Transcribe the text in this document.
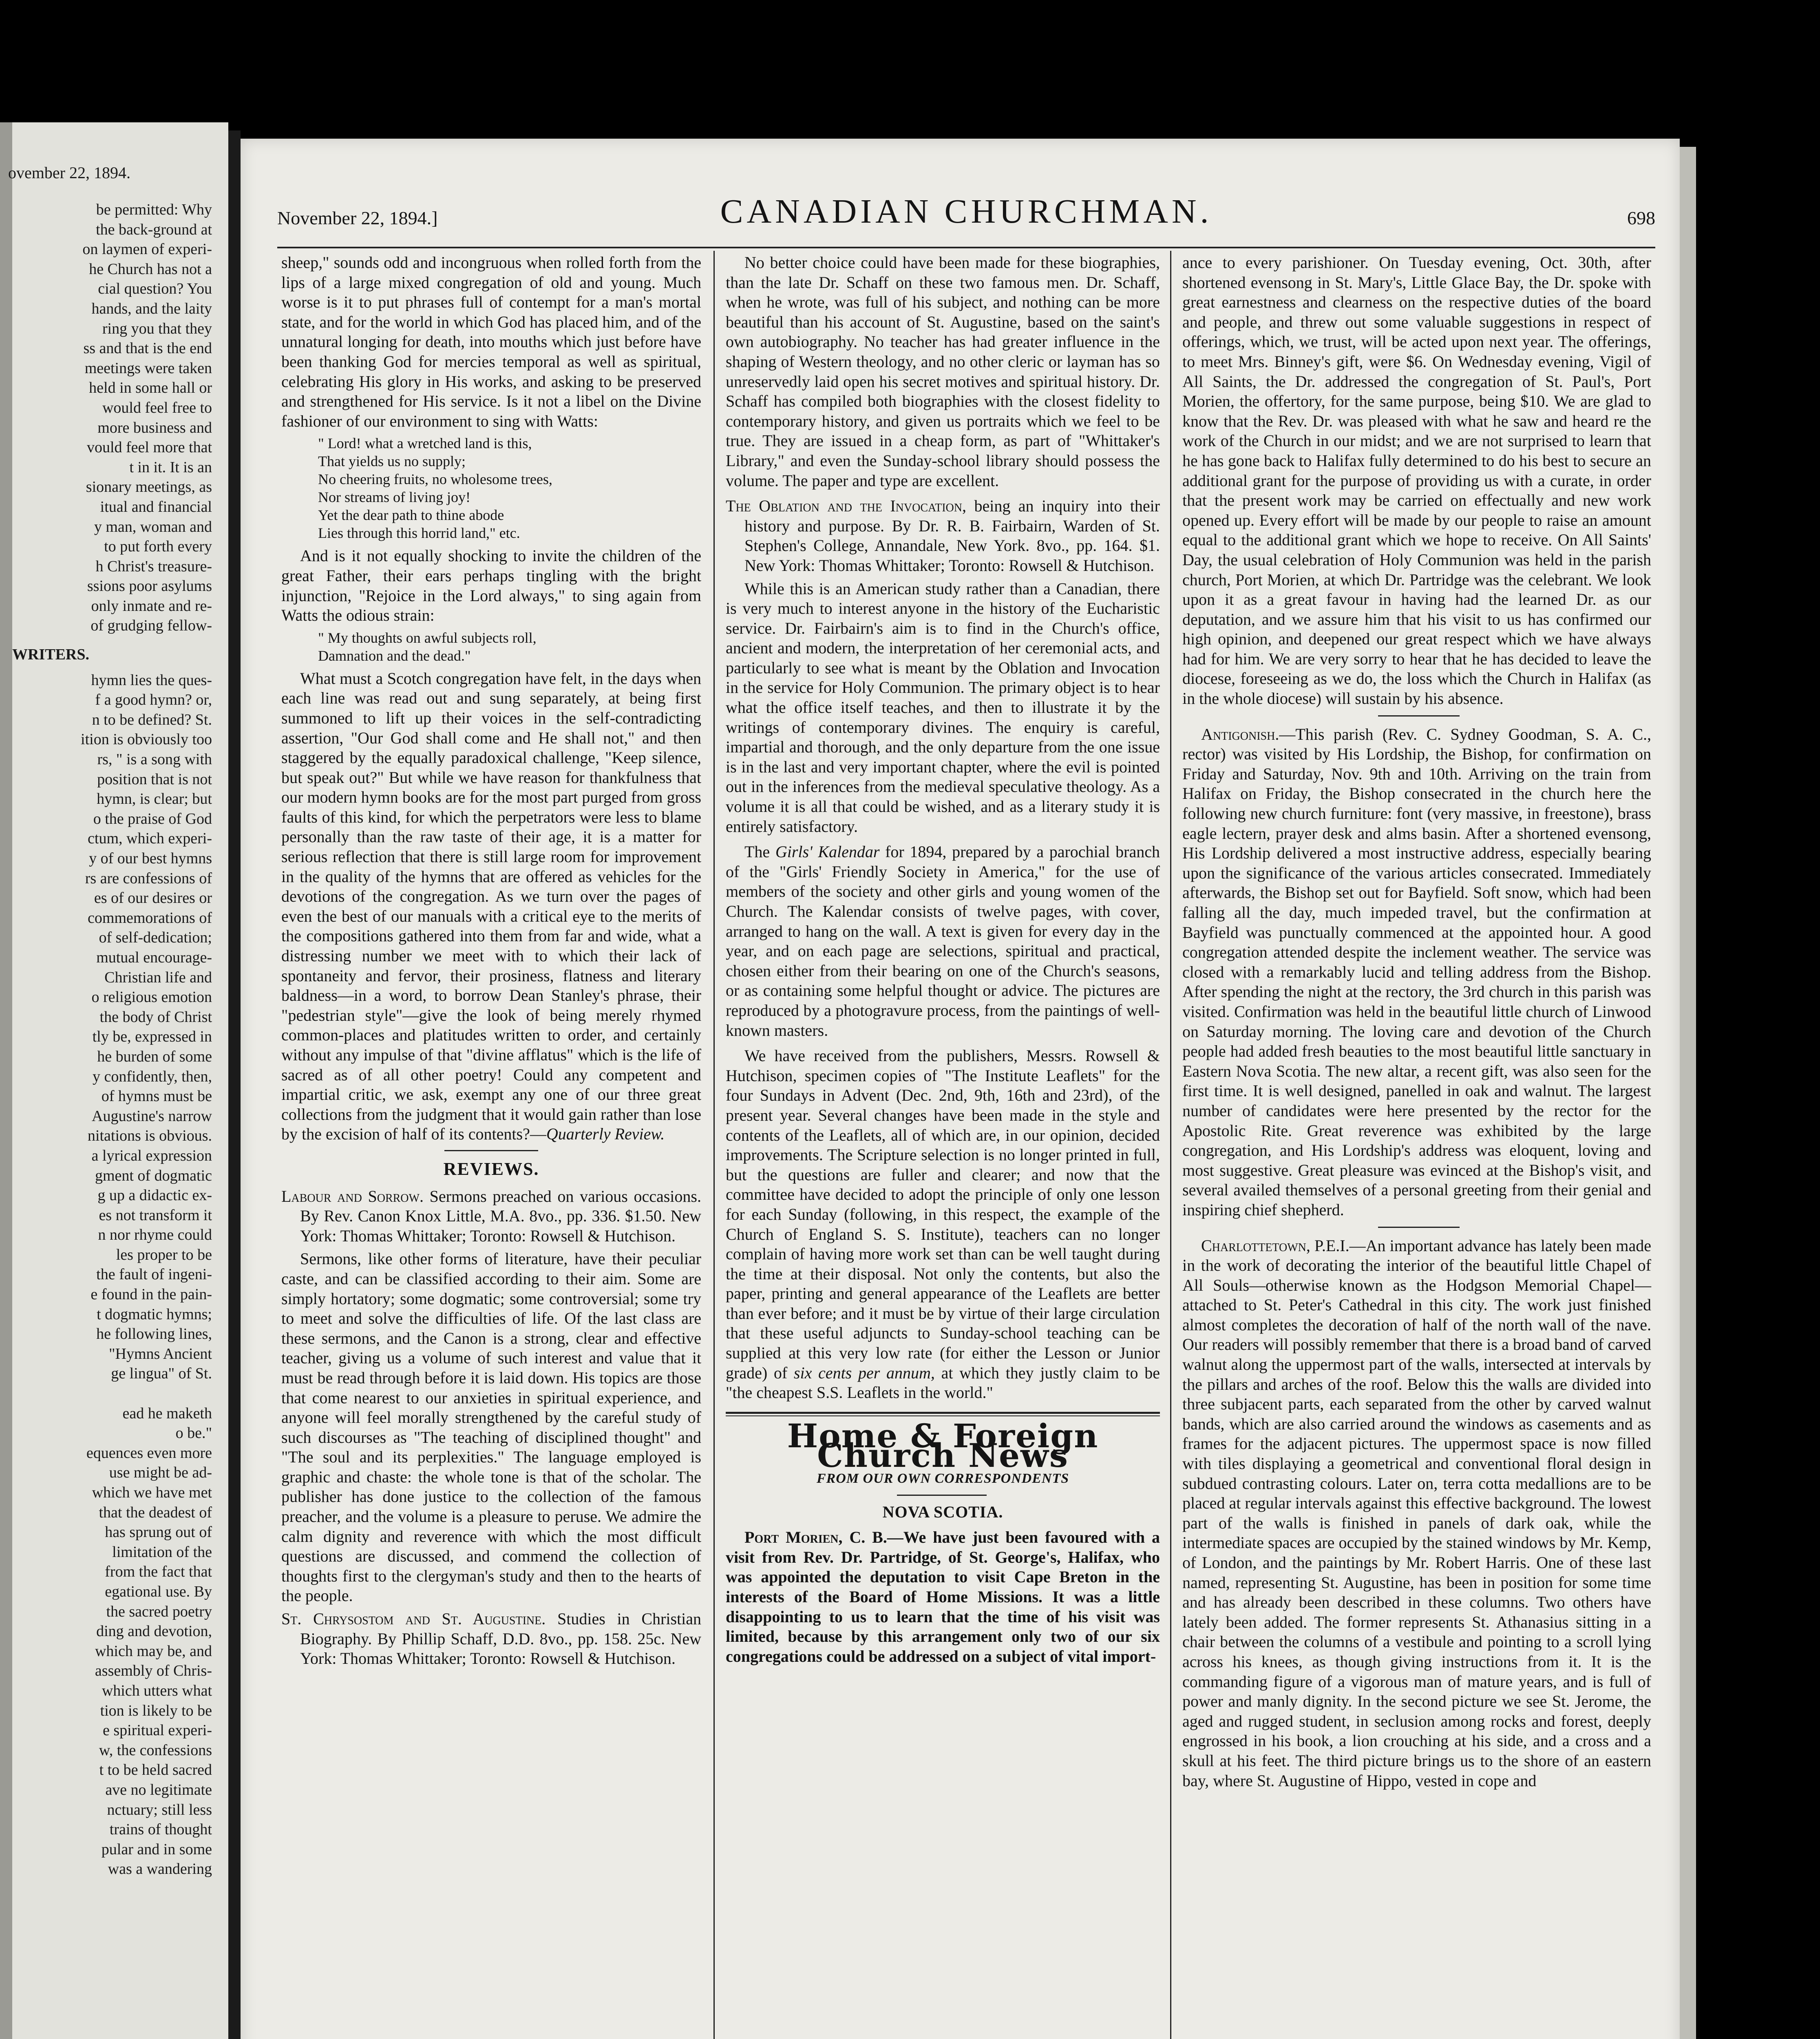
ovember 22, 1894.
be permitted: Why
the back-ground at
on laymen of experi-
he Church has not a
cial question? You
hands, and the laity
ring you that they
ss and that is the end
meetings were taken
held in some hall or
would feel free to
more business and
vould feel more that
t in it. It is an
sionary meetings, as
itual and financial
y man, woman and
to put forth every
h Christ's treasure-
ssions poor asylums
only inmate and re-
of grudging fellow-
WRITERS.
hymn lies the ques-
f a good hymn? or,
n to be defined? St.
ition is obviously too
rs, " is a song with
position that is not
hymn, is clear; but
o the praise of God
ctum, which experi-
y of our best hymns
rs are confessions of
es of our desires or
commemorations of
of self-dedication;
mutual encourage-
Christian life and
o religious emotion
the body of Christ
tly be, expressed in
he burden of some
y confidently, then,
of hymns must be
Augustine's narrow
nitations is obvious.
a lyrical expression
gment of dogmatic
g up a didactic ex-
es not transform it
n nor rhyme could
les proper to be
the fault of ingeni-
e found in the pain-
t dogmatic hymns;
he following lines,
"Hymns Ancient
ge lingua" of St.

ead he maketh
o be."
equences even more
use might be ad-
which we have met
that the deadest of
has sprung out of
limitation of the
from the fact that
egational use. By
the sacred poetry
ding and devotion,
which may be, and
assembly of Chris-
which utters what
tion is likely to be
e spiritual experi-
w, the confessions
t to be held sacred
ave no legitimate
nctuary; still less
trains of thought
pular and in some
was a wandering
November 22, 1894.]	CANADIAN CHURCHMAN.	698

sheep," sounds odd and incongruous when rolled forth from the lips of a large mixed congregation of old and young. Much worse is it to put phrases full of contempt for a man's mortal state, and for the world in which God has placed him, and of the unnatural longing for death, into mouths which just before have been thanking God for mercies temporal as well as spiritual, celebrating His glory in His works, and asking to be preserved and strengthened for His service. Is it not a libel on the Divine fashioner of our environment to sing with Watts:

" Lord! what a wretched land is this,
That yields us no supply;
No cheering fruits, no wholesome trees,
Nor streams of living joy!
Yet the dear path to thine abode
Lies through this horrid land," etc.

And is it not equally shocking to invite the children of the great Father, their ears perhaps tingling with the bright injunction, "Rejoice in the Lord always," to sing again from Watts the odious strain:

" My thoughts on awful subjects roll,
Damnation and the dead."

What must a Scotch congregation have felt, in the days when each line was read out and sung separately, at being first summoned to lift up their voices in the self-contradicting assertion, "Our God shall come and He shall not," and then staggered by the equally paradoxical challenge, "Keep silence, but speak out?" But while we have reason for thankfulness that our modern hymn books are for the most part purged from gross faults of this kind, for which the perpetrators were less to blame personally than the raw taste of their age, it is a matter for serious reflection that there is still large room for improvement in the quality of the hymns that are offered as vehicles for the devotions of the congregation. As we turn over the pages of even the best of our manuals with a critical eye to the merits of the compositions gathered into them from far and wide, what a distressing number we meet with to which their lack of spontaneity and fervor, their prosiness, flatness and literary baldness—in a word, to borrow Dean Stanley's phrase, their "pedestrian style"—give the look of being merely rhymed common-places and platitudes written to order, and certainly without any impulse of that "divine afflatus" which is the life of sacred as of all other poetry! Could any competent and impartial critic, we ask, exempt any one of our three great collections from the judgment that it would gain rather than lose by the excision of half of its contents?—Quarterly Review.

REVIEWS.

Labour and Sorrow. Sermons preached on various occasions. By Rev. Canon Knox Little, M.A. 8vo., pp. 336. $1.50. New York: Thomas Whittaker; Toronto: Rowsell & Hutchison.

Sermons, like other forms of literature, have their peculiar caste, and can be classified according to their aim. Some are simply hortatory; some dogmatic; some controversial; some try to meet and solve the difficulties of life. Of the last class are these sermons, and the Canon is a strong, clear and effective teacher, giving us a volume of such interest and value that it must be read through before it is laid down. His topics are those that come nearest to our anxieties in spiritual experience, and anyone will feel morally strengthened by the careful study of such discourses as "The teaching of disciplined thought" and "The soul and its perplexities." The language employed is graphic and chaste: the whole tone is that of the scholar. The publisher has done justice to the collection of the famous preacher, and the volume is a pleasure to peruse. We admire the calm dignity and reverence with which the most difficult questions are discussed, and commend the collection of thoughts first to the clergyman's study and then to the hearts of the people.

St. Chrysostom and St. Augustine. Studies in Christian Biography. By Phillip Schaff, D.D. 8vo., pp. 158. 25c. New York: Thomas Whittaker; Toronto: Rowsell & Hutchison.

No better choice could have been made for these biographies, than the late Dr. Schaff on these two famous men. Dr. Schaff, when he wrote, was full of his subject, and nothing can be more beautiful than his account of St. Augustine, based on the saint's own autobiography. No teacher has had greater influence in the shaping of Western theology, and no other cleric or layman has so unreservedly laid open his secret motives and spiritual history. Dr. Schaff has compiled both biographies with the closest fidelity to contemporary history, and given us portraits which we feel to be true. They are issued in a cheap form, as part of "Whittaker's Library," and even the Sunday-school library should possess the volume. The paper and type are excellent.

The Oblation and the Invocation, being an inquiry into their history and purpose. By Dr. R. B. Fairbairn, Warden of St. Stephen's College, Annandale, New York. 8vo., pp. 164. $1. New York: Thomas Whittaker; Toronto: Rowsell & Hutchison.

While this is an American study rather than a Canadian, there is very much to interest anyone in the history of the Eucharistic service. Dr. Fairbairn's aim is to find in the Church's office, ancient and modern, the interpretation of her ceremonial acts, and particularly to see what is meant by the Oblation and Invocation in the service for Holy Communion. The primary object is to hear what the office itself teaches, and then to illustrate it by the writings of contemporary divines. The enquiry is careful, impartial and thorough, and the only departure from the one issue is in the last and very important chapter, where the evil is pointed out in the inferences from the medieval speculative theology. As a volume it is all that could be wished, and as a literary study it is entirely satisfactory.

The Girls' Kalendar for 1894, prepared by a parochial branch of the "Girls' Friendly Society in America," for the use of members of the society and other girls and young women of the Church. The Kalendar consists of twelve pages, with cover, arranged to hang on the wall. A text is given for every day in the year, and on each page are selections, spiritual and practical, chosen either from their bearing on one of the Church's seasons, or as containing some helpful thought or advice. The pictures are reproduced by a photogravure process, from the paintings of well-known masters.

We have received from the publishers, Messrs. Rowsell & Hutchison, specimen copies of "The Institute Leaflets" for the four Sundays in Advent (Dec. 2nd, 9th, 16th and 23rd), of the present year. Several changes have been made in the style and contents of the Leaflets, all of which are, in our opinion, decided improvements. The Scripture selection is no longer printed in full, but the questions are fuller and clearer; and now that the committee have decided to adopt the principle of only one lesson for each Sunday (following, in this respect, the example of the Church of England S. S. Institute), teachers can no longer complain of having more work set than can be well taught during the time at their disposal. Not only the contents, but also the paper, printing and general appearance of the Leaflets are better than ever before; and it must be by virtue of their large circulation that these useful adjuncts to Sunday-school teaching can be supplied at this very low rate (for either the Lesson or Junior grade) of six cents per annum, at which they justly claim to be "the cheapest S.S. Leaflets in the world."

Home & Foreign Church News
FROM OUR OWN CORRESPONDENTS
NOVA SCOTIA.

Port Morien, C. B.—We have just been favoured with a visit from Rev. Dr. Partridge, of St. George's, Halifax, who was appointed the deputation to visit Cape Breton in the interests of the Board of Home Missions. It was a little disappointing to us to learn that the time of his visit was limited, because by this arrangement only two of our six congregations could be addressed on a subject of vital import-

ance to every parishioner. On Tuesday evening, Oct. 30th, after shortened evensong in St. Mary's, Little Glace Bay, the Dr. spoke with great earnestness and clearness on the respective duties of the board and people, and threw out some valuable suggestions in respect of offerings, which, we trust, will be acted upon next year. The offerings, to meet Mrs. Binney's gift, were $6. On Wednesday evening, Vigil of All Saints, the Dr. addressed the congregation of St. Paul's, Port Morien, the offertory, for the same purpose, being $10. We are glad to know that the Rev. Dr. was pleased with what he saw and heard re the work of the Church in our midst; and we are not surprised to learn that he has gone back to Halifax fully determined to do his best to secure an additional grant for the purpose of providing us with a curate, in order that the present work may be carried on effectually and new work opened up. Every effort will be made by our people to raise an amount equal to the additional grant which we hope to receive. On All Saints' Day, the usual celebration of Holy Communion was held in the parish church, Port Morien, at which Dr. Partridge was the celebrant. We look upon it as a great favour in having had the learned Dr. as our deputation, and we assure him that his visit to us has confirmed our high opinion, and deepened our great respect which we have always had for him. We are very sorry to hear that he has decided to leave the diocese, foreseeing as we do, the loss which the Church in Halifax (as in the whole diocese) will sustain by his absence.

Antigonish.—This parish (Rev. C. Sydney Goodman, S. A. C., rector) was visited by His Lordship, the Bishop, for confirmation on Friday and Saturday, Nov. 9th and 10th. Arriving on the train from Halifax on Friday, the Bishop consecrated in the church here the following new church furniture: font (very massive, in freestone), brass eagle lectern, prayer desk and alms basin. After a shortened evensong, His Lordship delivered a most instructive address, especially bearing upon the significance of the various articles consecrated. Immediately afterwards, the Bishop set out for Bayfield. Soft snow, which had been falling all the day, much impeded travel, but the confirmation at Bayfield was punctually commenced at the appointed hour. A good congregation attended despite the inclement weather. The service was closed with a remarkably lucid and telling address from the Bishop. After spending the night at the rectory, the 3rd church in this parish was visited. Confirmation was held in the beautiful little church of Linwood on Saturday morning. The loving care and devotion of the Church people had added fresh beauties to the most beautiful little sanctuary in Eastern Nova Scotia. The new altar, a recent gift, was also seen for the first time. It is well designed, panelled in oak and walnut. The largest number of candidates were here presented by the rector for the Apostolic Rite. Great reverence was exhibited by the large congregation, and His Lordship's address was eloquent, loving and most suggestive. Great pleasure was evinced at the Bishop's visit, and several availed themselves of a personal greeting from their genial and inspiring chief shepherd.

Charlottetown, P.E.I.—An important advance has lately been made in the work of decorating the interior of the beautiful little Chapel of All Souls—otherwise known as the Hodgson Memorial Chapel—attached to St. Peter's Cathedral in this city. The work just finished almost completes the decoration of half of the north wall of the nave. Our readers will possibly remember that there is a broad band of carved walnut along the uppermost part of the walls, intersected at intervals by the pillars and arches of the roof. Below this the walls are divided into three subjacent parts, each separated from the other by carved walnut bands, which are also carried around the windows as casements and as frames for the adjacent pictures. The uppermost space is now filled with tiles displaying a geometrical and conventional floral design in subdued contrasting colours. Later on, terra cotta medallions are to be placed at regular intervals against this effective background. The lowest part of the walls is finished in panels of dark oak, while the intermediate spaces are occupied by the stained windows by Mr. Kemp, of London, and the paintings by Mr. Robert Harris. One of these last named, representing St. Augustine, has been in position for some time and has already been described in these columns. Two others have lately been added. The former represents St. Athanasius sitting in a chair between the columns of a vestibule and pointing to a scroll lying across his knees, as though giving instructions from it. It is the commanding figure of a vigorous man of mature years, and is full of power and manly dignity. In the second picture we see St. Jerome, the aged and rugged student, in seclusion among rocks and forest, deeply engrossed in his book, a lion crouching at his side, and a cross and a skull at his feet. The third picture brings us to the shore of an eastern bay, where St. Augustine of Hippo, vested in cope and
